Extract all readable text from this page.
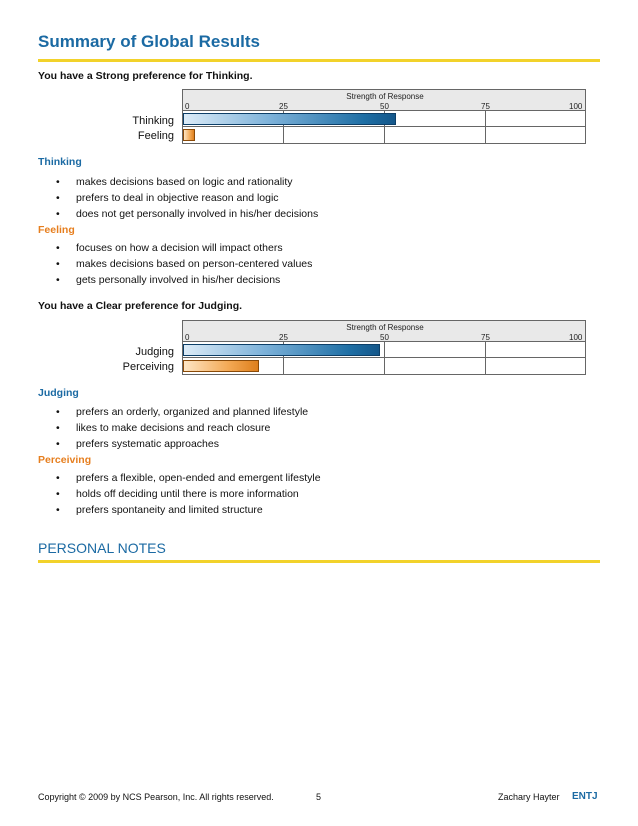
Summary of Global Results
You have a Strong preference for Thinking.
Strength of Response
0	25	50	75	100
Thinking
Feeling
Thinking
• makes decisions based on logic and rationality
• prefers to deal in objective reason and logic
• does not get personally involved in his/her decisions
Feeling
• focuses on how a decision will impact others
• makes decisions based on person-centered values
• gets personally involved in his/her decisions
You have a Clear preference for Judging.
Strength of Response
0	25	50	75	100
Judging
Perceiving
Judging
• prefers an orderly, organized and planned lifestyle
• likes to make decisions and reach closure
• prefers systematic approaches
Perceiving
• prefers a flexible, open-ended and emergent lifestyle
• holds off deciding until there is more information
• prefers spontaneity and limited structure
PERSONAL NOTES
Copyright © 2009 by NCS Pearson, Inc. All rights reserved.	5	Zachary Hayter ENTJ
